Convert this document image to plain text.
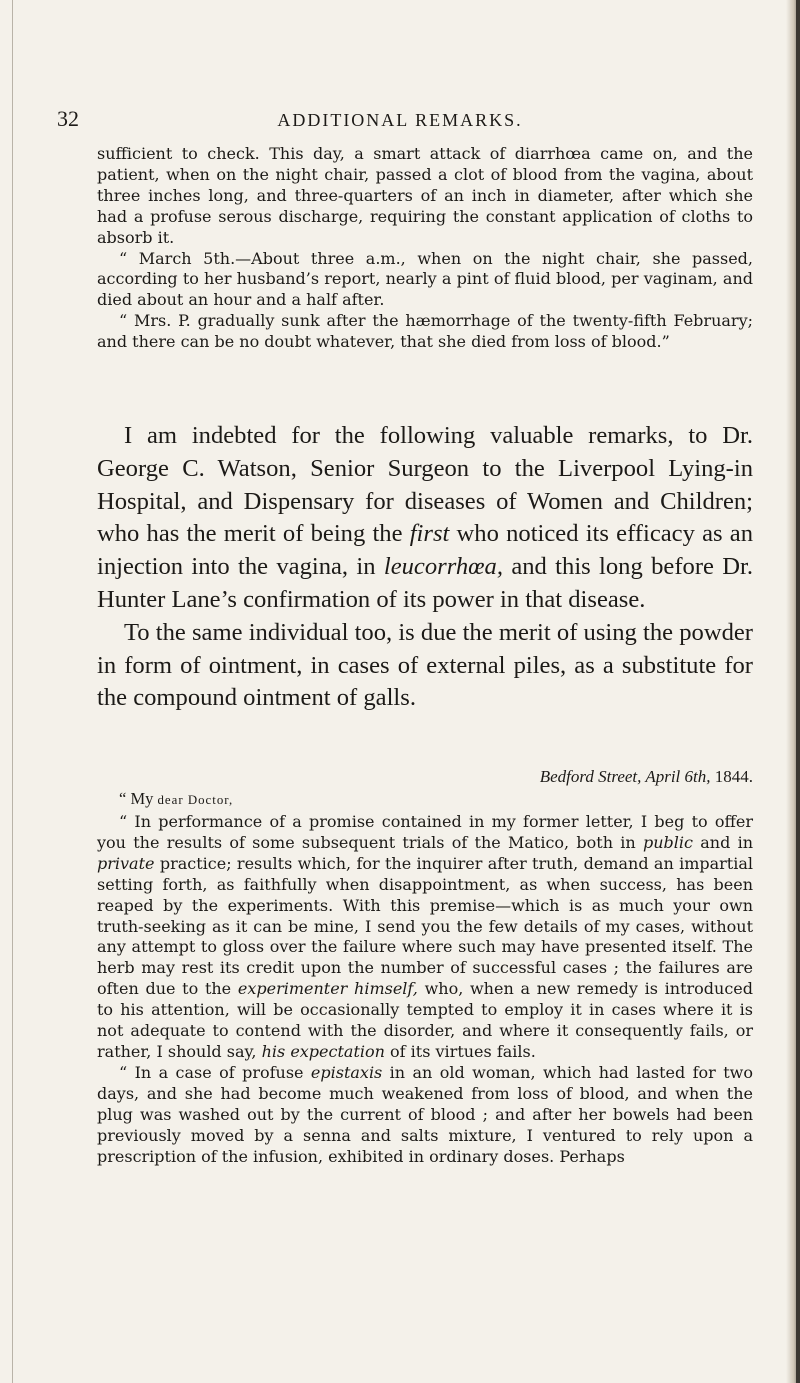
32	ADDITIONAL REMARKS.

sufficient to check. This day, a smart attack of diarrhœa came on, and the patient, when on the night chair, passed a clot of blood from the vagina, about three inches long, and three-quarters of an inch in diameter, after which she had a profuse serous discharge, requiring the constant application of cloths to absorb it.

“ March 5th.—About three a.m., when on the night chair, she passed, according to her husband’s report, nearly a pint of fluid blood, per vaginam, and died about an hour and a half after.

“ Mrs. P. gradually sunk after the hæmorrhage of the twenty-fifth February; and there can be no doubt whatever, that she died from loss of blood.”

I am indebted for the following valuable remarks, to Dr. George C. Watson, Senior Surgeon to the Liverpool Lying-in Hospital, and Dispensary for diseases of Women and Children; who has the merit of being the first who noticed its efficacy as an injection into the vagina, in leucorrhœa, and this long before Dr. Hunter Lane’s confirmation of its power in that disease.

To the same individual too, is due the merit of using the powder in form of ointment, in cases of external piles, as a substitute for the compound ointment of galls.

Bedford Street, April 6th, 1844.
“ My dear Doctor,

“ In performance of a promise contained in my former letter, I beg to offer you the results of some subsequent trials of the Matico, both in public and in private practice; results which, for the inquirer after truth, demand an impartial setting forth, as faithfully when disappointment, as when success, has been reaped by the experiments. With this premise—which is as much your own truth-seeking as it can be mine, I send you the few details of my cases, without any attempt to gloss over the failure where such may have presented itself. The herb may rest its credit upon the number of successful cases ; the failures are often due to the experimenter himself, who, when a new remedy is introduced to his attention, will be occasionally tempted to employ it in cases where it is not adequate to contend with the disorder, and where it consequently fails, or rather, I should say, his expectation of its virtues fails.

“ In a case of profuse epistaxis in an old woman, which had lasted for two days, and she had become much weakened from loss of blood, and when the plug was washed out by the current of blood ; and after her bowels had been previously moved by a senna and salts mixture, I ventured to rely upon a prescription of the infusion, exhibited in ordinary doses. Perhaps
